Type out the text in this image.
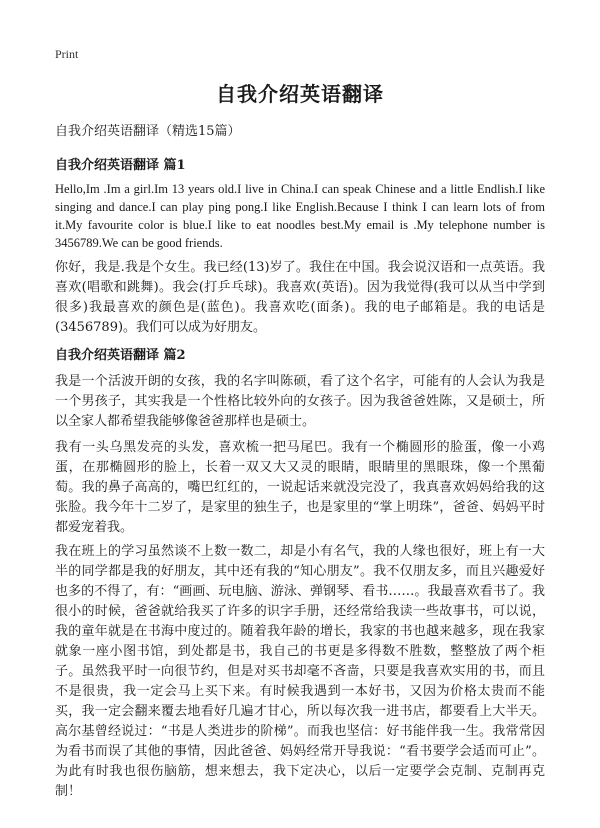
Print
自我介绍英语翻译
自我介绍英语翻译（精选15篇）
自我介绍英语翻译 篇1
Hello,Im .Im a girl.Im 13 years old.I live in China.I can speak Chinese and a little Endlish.I like singing and dance.I can play ping pong.I like English.Because I think I can learn lots of from it.My favourite color is blue.I like to eat noodles best.My email is .My telephone number is 3456789.We can be good friends.
你好，我是.我是个女生。我已经(13)岁了。我住在中国。我会说汉语和一点英语。我喜欢(唱歌和跳舞)。我会(打乒乓球)。我喜欢(英语)。因为我觉得(我可以从当中学到很多)我最喜欢的颜色是(蓝色)。我喜欢吃(面条)。我的电子邮箱是。我的电话是 (3456789)。我们可以成为好朋友。
自我介绍英语翻译 篇2
我是一个活波开朗的女孩，我的名字叫陈硕，看了这个名字，可能有的人会认为我是一个男孩子，其实我是一个性格比较外向的女孩子。因为我爸爸姓陈，又是硕士，所以全家人都希望我能够像爸爸那样也是硕士。
我有一头乌黑发亮的头发，喜欢梳一把马尾巴。我有一个椭圆形的脸蛋，像一小鸡蛋，在那椭圆形的脸上，长着一双又大又灵的眼睛，眼睛里的黑眼珠，像一个黑葡萄。我的鼻子高高的，嘴巴红红的，一说起话来就没完没了，我真喜欢妈妈给我的这张脸。我今年十二岁了，是家里的独生子，也是家里的“掌上明珠”，爸爸、妈妈平时都爱宠着我。
我在班上的学习虽然谈不上数一数二，却是小有名气，我的人缘也很好，班上有一大半的同学都是我的好朋友，其中还有我的“知心朋友”。我不仅朋友多，而且兴趣爱好也多的不得了，有：“画画、玩电脑、游泳、弹钢琴、看书……。我最喜欢看书了。我很小的时候，爸爸就给我买了许多的识字手册，还经常给我读一些故事书，可以说，我的童年就是在书海中度过的。随着我年龄的增长，我家的书也越来越多，现在我家就象一座小图书馆，到处都是书，我自己的书更是多得数不胜数，整整放了两个柜子。虽然我平时一向很节约，但是对买书却毫不吝啬，只要是我喜欢实用的书，而且不是很贵，我一定会马上买下来。有时候我遇到一本好书，又因为价格太贵而不能买，我一定会翻来覆去地看好几遍才甘心，所以每次我一进书店，都要看上大半天。高尔基曾经说过：“书是人类进步的阶梯”。而我也坚信：好书能伴我一生。我常常因为看书而误了其他的事情，因此爸爸、妈妈经常开导我说：“看书要学会适而可止”。为此有时我也很伤脑筋，想来想去，我下定决心，以后一定要学会克制、克制再克制！
